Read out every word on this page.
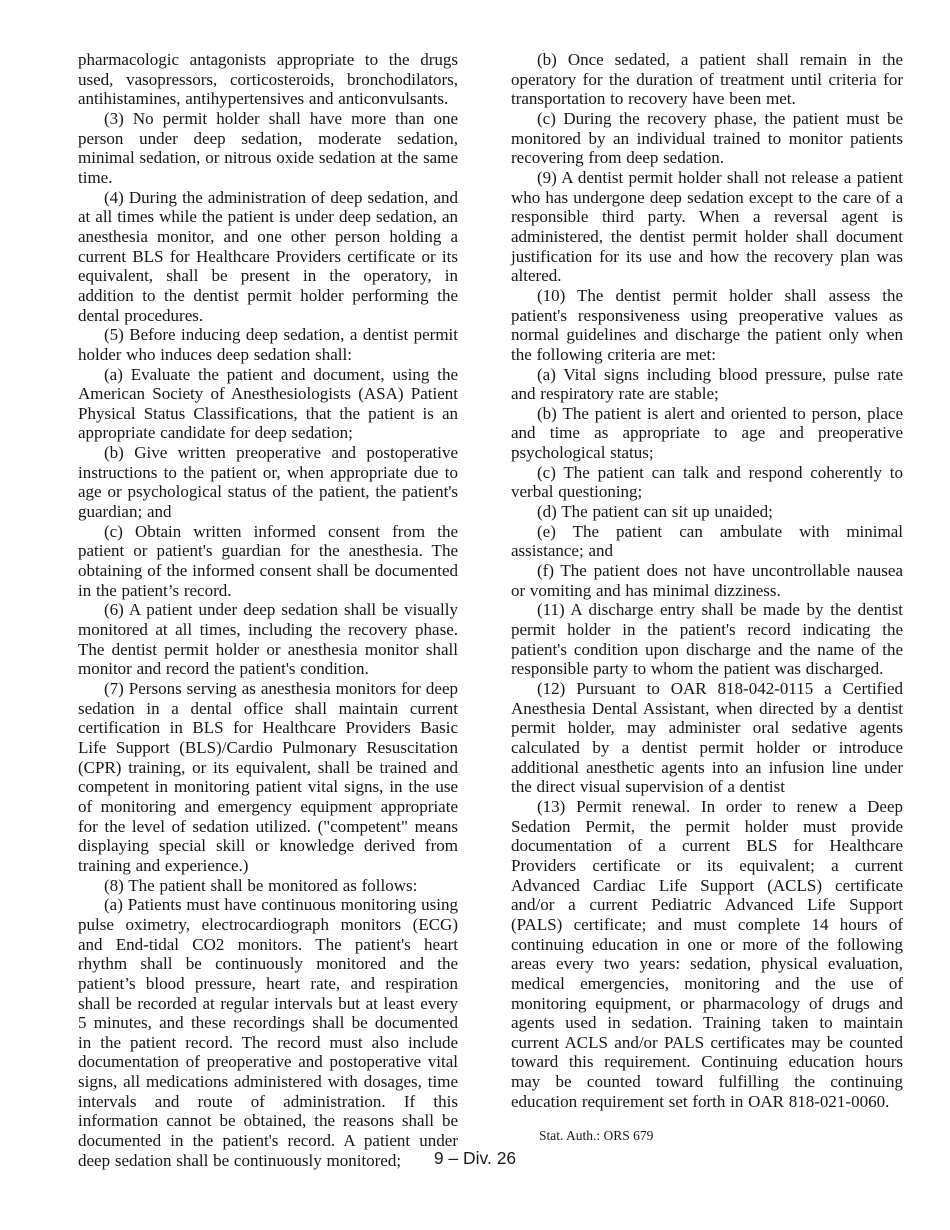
pharmacologic antagonists appropriate to the drugs used, vasopressors, corticosteroids, bronchodilators, antihistamines, antihypertensives and anticonvulsants.

(3) No permit holder shall have more than one person under deep sedation, moderate sedation, minimal sedation, or nitrous oxide sedation at the same time.

(4) During the administration of deep sedation, and at all times while the patient is under deep sedation, an anesthesia monitor, and one other person holding a current BLS for Healthcare Providers certificate or its equivalent, shall be present in the operatory, in addition to the dentist permit holder performing the dental procedures.

(5) Before inducing deep sedation, a dentist permit holder who induces deep sedation shall:

(a) Evaluate the patient and document, using the American Society of Anesthesiologists (ASA) Patient Physical Status Classifications, that the patient is an appropriate candidate for deep sedation;

(b) Give written preoperative and postoperative instructions to the patient or, when appropriate due to age or psychological status of the patient, the patient's guardian; and

(c) Obtain written informed consent from the patient or patient's guardian for the anesthesia. The obtaining of the informed consent shall be documented in the patient’s record.

(6) A patient under deep sedation shall be visually monitored at all times, including the recovery phase. The dentist permit holder or anesthesia monitor shall monitor and record the patient's condition.

(7) Persons serving as anesthesia monitors for deep sedation in a dental office shall maintain current certification in BLS for Healthcare Providers Basic Life Support (BLS)/Cardio Pulmonary Resuscitation (CPR) training, or its equivalent, shall be trained and competent in monitoring patient vital signs, in the use of monitoring and emergency equipment appropriate for the level of sedation utilized. ("competent" means displaying special skill or knowledge derived from training and experience.)

(8) The patient shall be monitored as follows:

(a) Patients must have continuous monitoring using pulse oximetry, electrocardiograph monitors (ECG) and End-tidal CO2 monitors. The patient's heart rhythm shall be continuously monitored and the patient’s blood pressure, heart rate, and respiration shall be recorded at regular intervals but at least every 5 minutes, and these recordings shall be documented in the patient record. The record must also include documentation of preoperative and postoperative vital signs, all medications administered with dosages, time intervals and route of administration. If this information cannot be obtained, the reasons shall be documented in the patient's record. A patient under deep sedation shall be continuously monitored;

(b) Once sedated, a patient shall remain in the operatory for the duration of treatment until criteria for transportation to recovery have been met.

(c) During the recovery phase, the patient must be monitored by an individual trained to monitor patients recovering from deep sedation.

(9) A dentist permit holder shall not release a patient who has undergone deep sedation except to the care of a responsible third party. When a reversal agent is administered, the dentist permit holder shall document justification for its use and how the recovery plan was altered.

(10) The dentist permit holder shall assess the patient's responsiveness using preoperative values as normal guidelines and discharge the patient only when the following criteria are met:

(a) Vital signs including blood pressure, pulse rate and respiratory rate are stable;

(b) The patient is alert and oriented to person, place and time as appropriate to age and preoperative psychological status;

(c) The patient can talk and respond coherently to verbal questioning;

(d) The patient can sit up unaided;

(e) The patient can ambulate with minimal assistance; and

(f) The patient does not have uncontrollable nausea or vomiting and has minimal dizziness.

(11) A discharge entry shall be made by the dentist permit holder in the patient's record indicating the patient's condition upon discharge and the name of the responsible party to whom the patient was discharged.

(12) Pursuant to OAR 818-042-0115 a Certified Anesthesia Dental Assistant, when directed by a dentist permit holder, may administer oral sedative agents calculated by a dentist permit holder or introduce additional anesthetic agents into an infusion line under the direct visual supervision of a dentist

(13) Permit renewal. In order to renew a Deep Sedation Permit, the permit holder must provide documentation of a current BLS for Healthcare Providers certificate or its equivalent; a current Advanced Cardiac Life Support (ACLS) certificate and/or a current Pediatric Advanced Life Support (PALS) certificate; and must complete 14 hours of continuing education in one or more of the following areas every two years: sedation, physical evaluation, medical emergencies, monitoring and the use of monitoring equipment, or pharmacology of drugs and agents used in sedation. Training taken to maintain current ACLS and/or PALS certificates may be counted toward this requirement. Continuing education hours may be counted toward fulfilling the continuing education requirement set forth in OAR 818-021-0060.

Stat. Auth.: ORS 679

9 – Div. 26
